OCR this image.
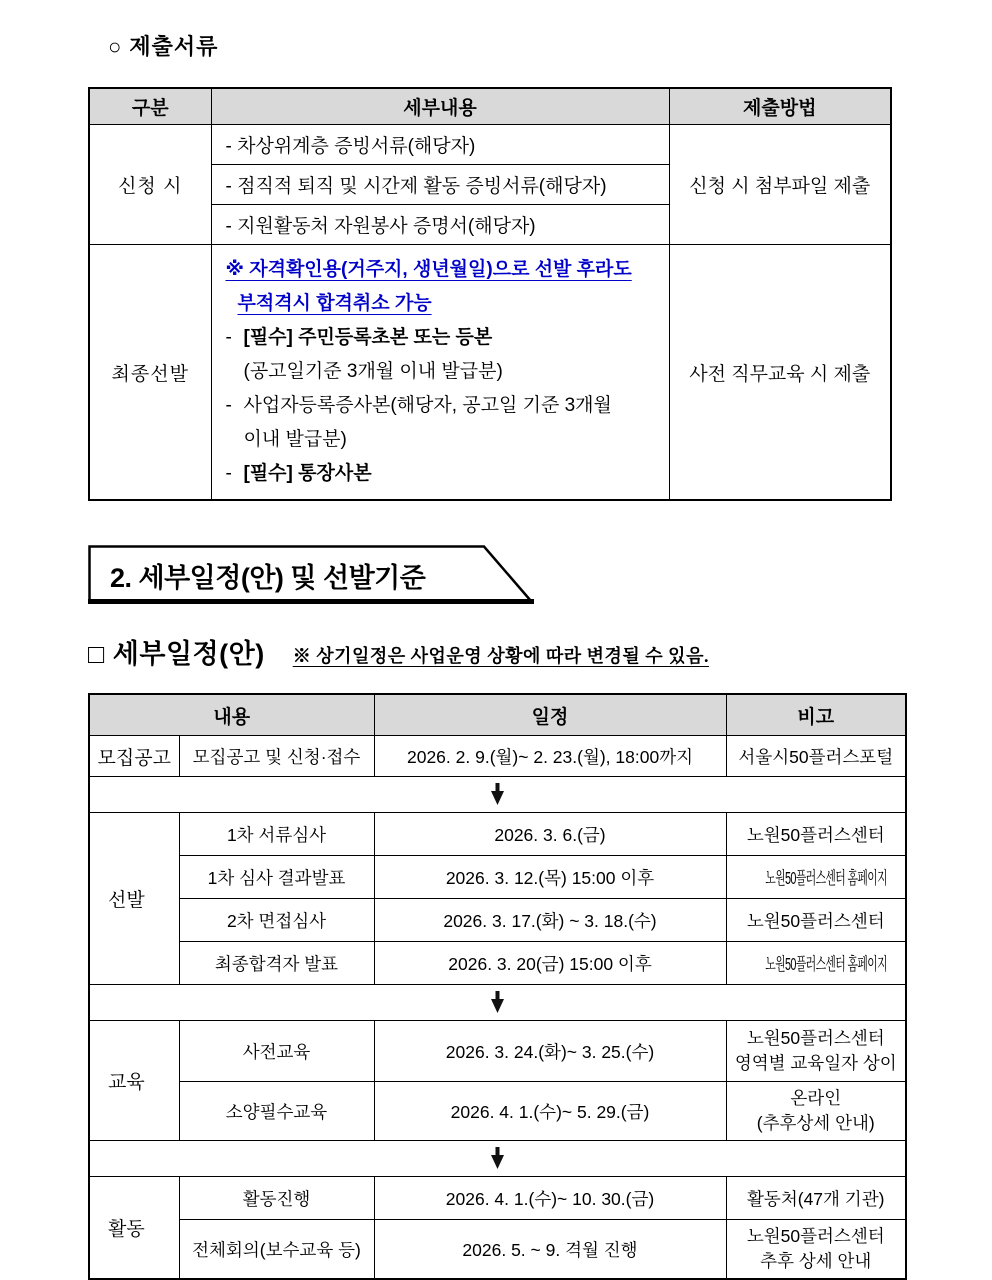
○ 제출서류
구분	세부내용	제출방법
신청 시	- 차상위계층 증빙서류(해당자)	신청 시 첨부파일 제출
	- 점직적 퇴직 및 시간제 활동 증빙서류(해당자)	
	- 지원활동처 자원봉사 증명서(해당자)	
최종선발	
※ 자격확인용(거주지, 생년월일)으로 선발 후라도
부적격시 합격취소 가능
- [필수] 주민등록초본 또는 등본
(공고일기준 3개월 이내 발급분)
- 사업자등록증사본(해당자, 공고일 기준 3개월
이내 발급분)
- [필수] 통장사본
	사전 직무교육 시 제출
2. 세부일정(안) 및 선발기준
□ 세부일정(안) ※ 상기일정은 사업운영 상황에 따라 변경될 수 있음.
내용		일정	비고
모집공고	모집공고 및 신청·접수	2026. 2. 9.(월)~ 2. 23.(월), 18:00까지	서울시50플러스포털

선발	1차 서류심사	2026. 3. 6.(금)	노원50플러스센터
	1차 심사 결과발표	2026. 3. 12.(목) 15:00 이후	노원50플러스센터 홈페이지
	2차 면접심사	2026. 3. 17.(화) ~ 3. 18.(수)	노원50플러스센터
	최종합격자 발표	2026. 3. 20(금) 15:00 이후	노원50플러스센터 홈페이지

교육	사전교육	2026. 3. 24.(화)~ 3. 25.(수)	노원50플러스센터
영역별 교육일자 상이

	소양필수교육	2026. 4. 1.(수)~ 5. 29.(금)	온라인
(추후상세 안내)

활동	활동진행	2026. 4. 1.(수)~ 10. 30.(금)	활동처(47개 기관)
	전체회의(보수교육 등)	2026. 5. ~ 9. 격월 진행	노원50플러스센터
추후 상세 안내
